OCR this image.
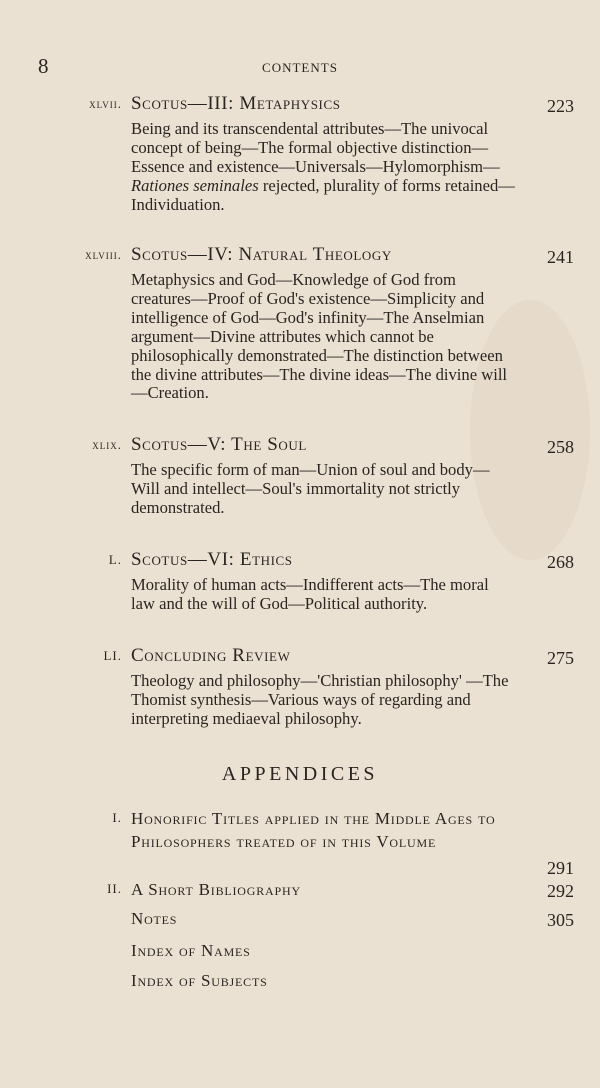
8	CONTENTS
xlvii. Scotus—III: Metaphysics	223
Being and its transcendental attributes—The univocal concept of being—The formal objective distinction—Essence and existence—Universals—Hylomorphism—Rationes seminales rejected, plurality of forms retained—Individuation.
xlviii. Scotus—IV: Natural Theology	241
Metaphysics and God—Knowledge of God from creatures—Proof of God's existence—Simplicity and intelligence of God—God's infinity—The Anselmian argument—Divine attributes which cannot be philosophically demonstrated—The distinction between the divine attributes—The divine ideas—The divine will—Creation.
xlix. Scotus—V: The Soul	258
The specific form of man—Union of soul and body—Will and intellect—Soul's immortality not strictly demonstrated.
L. Scotus—VI: Ethics	268
Morality of human acts—Indifferent acts—The moral law and the will of God—Political authority.
LI. Concluding Review	275
Theology and philosophy—'Christian philosophy' —The Thomist synthesis—Various ways of regarding and interpreting mediaeval philosophy.
APPENDICES
I. Honorific Titles applied in the Middle Ages to Philosophers treated of in this Volume
291
II. A Short Bibliography	292
Notes	305
Index of Names
Index of Subjects
